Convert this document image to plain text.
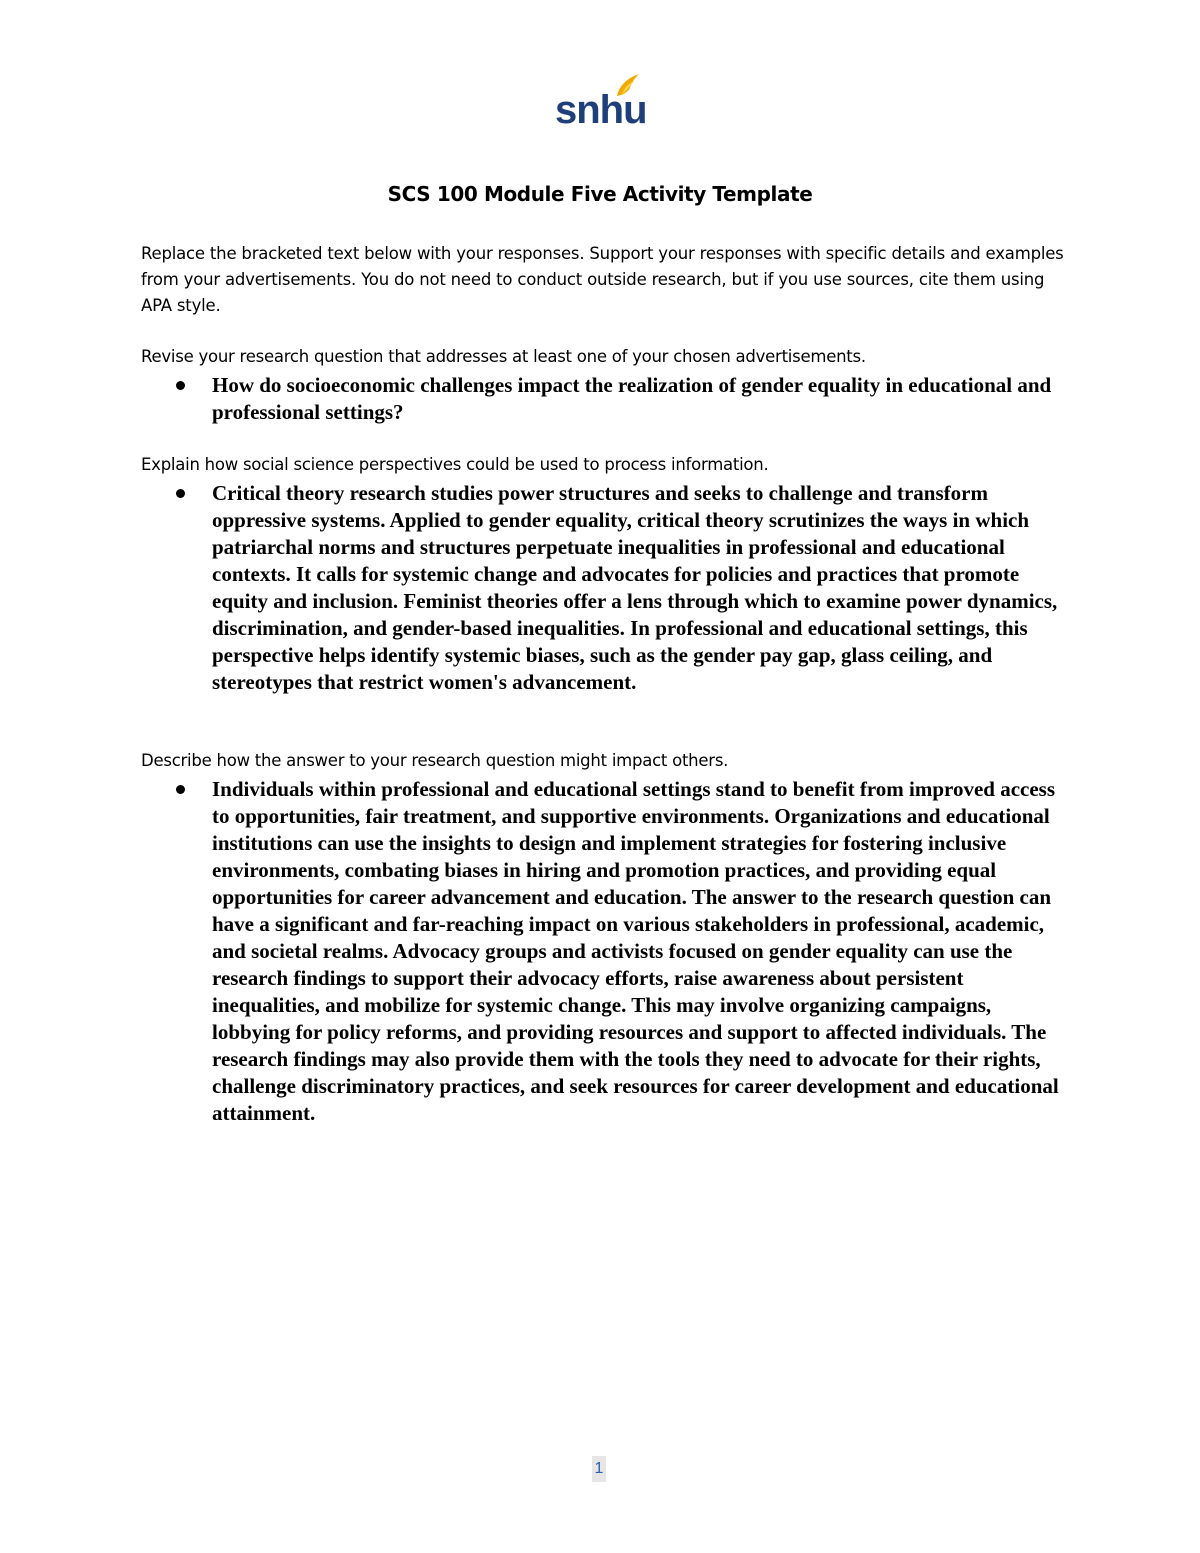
snhu
SCS 100 Module Five Activity Template

Replace the bracketed text below with your responses. Support your responses with specific details and examples from your advertisements. You do not need to conduct outside research, but if you use sources, cite them using APA style.

Revise your research question that addresses at least one of your chosen advertisements.

How do socioeconomic challenges impact the realization of gender equality in educational and professional settings?

Explain how social science perspectives could be used to process information.

Critical theory research studies power structures and seeks to challenge and transform oppressive systems. Applied to gender equality, critical theory scrutinizes the ways in which patriarchal norms and structures perpetuate inequalities in professional and educational contexts. It calls for systemic change and advocates for policies and practices that promote equity and inclusion. Feminist theories offer a lens through which to examine power dynamics, discrimination, and gender-based inequalities. In professional and educational settings, this perspective helps identify systemic biases, such as the gender pay gap, glass ceiling, and stereotypes that restrict women's advancement.

Describe how the answer to your research question might impact others.

Individuals within professional and educational settings stand to benefit from improved access to opportunities, fair treatment, and supportive environments. Organizations and educational institutions can use the insights to design and implement strategies for fostering inclusive environments, combating biases in hiring and promotion practices, and providing equal opportunities for career advancement and education. The answer to the research question can have a significant and far-reaching impact on various stakeholders in professional, academic, and societal realms. Advocacy groups and activists focused on gender equality can use the research findings to support their advocacy efforts, raise awareness about persistent inequalities, and mobilize for systemic change. This may involve organizing campaigns, lobbying for policy reforms, and providing resources and support to affected individuals. The research findings may also provide them with the tools they need to advocate for their rights, challenge discriminatory practices, and seek resources for career development and educational attainment.
1
